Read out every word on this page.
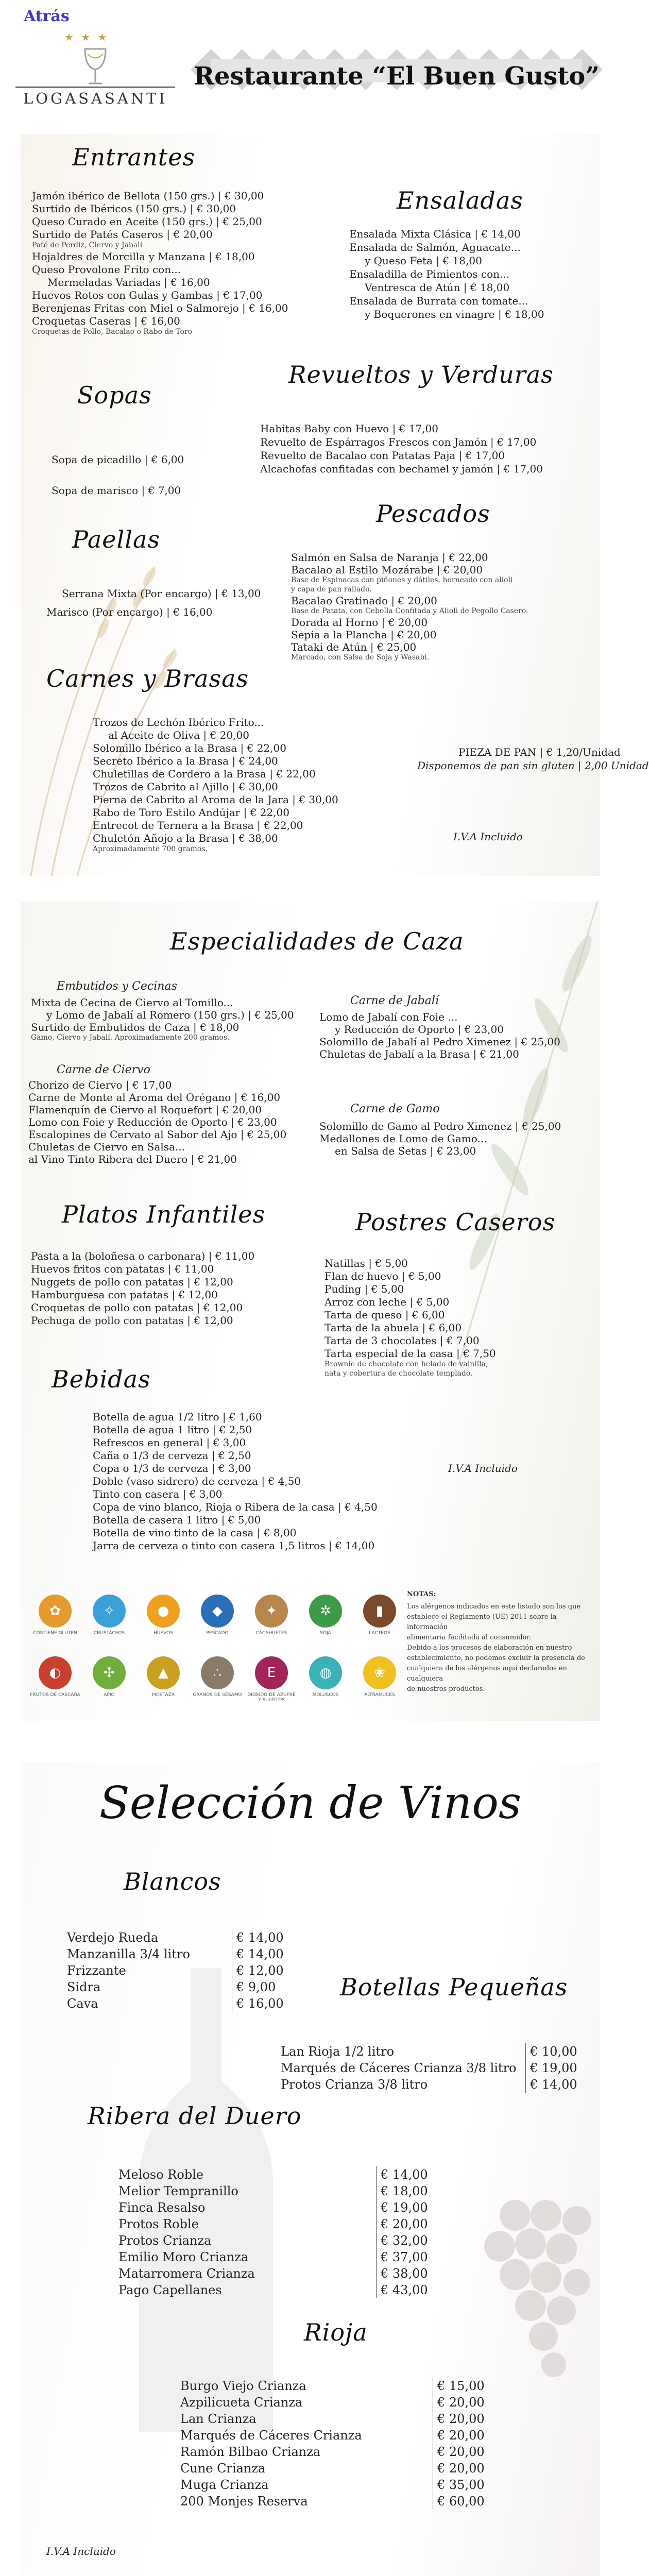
Atrás
★ ★ ★
LOGASASANTI
Restaurante “El Buen Gusto”
Entrantes
Jamón ibérico de Bellota (150 grs.) | € 30,00
Surtido de Ibéricos (150 grs.) | € 30,00
Queso Curado en Aceite (150 grs.) | € 25,00
Surtido de Patés Caseros | € 20,00
Paté de Perdiz, Ciervo y Jabalí
Hojaldres de Morcilla y Manzana | € 18,00
Queso Provolone Frito con...
Mermeladas Variadas | € 16,00
Huevos Rotos con Gulas y Gambas | € 17,00
Berenjenas Fritas con Miel o Salmorejo | € 16,00
Croquetas Caseras | € 16,00
Croquetas de Pollo, Bacalao o Rabo de Toro
Ensaladas
Ensalada Mixta Clásica | € 14,00
Ensalada de Salmón, Aguacate...
y Queso Feta | € 18,00
Ensaladilla de Pimientos con...
Ventresca de Atún | € 18,00
Ensalada de Burrata con tomate...
y Boquerones en vinagre | € 18,00
Sopas
Sopa de picadillo | € 6,00
Sopa de marisco | € 7,00
Revueltos y Verduras
Habitas Baby con Huevo | € 17,00
Revuelto de Espárragos Frescos con Jamón | € 17,00
Revuelto de Bacalao con Patatas Paja | € 17,00
Alcachofas confitadas con bechamel y jamón | € 17,00
Paellas
Serrana Mixta (Por encargo) | € 13,00
Marisco (Por encargo) | € 16,00
Pescados
Salmón en Salsa de Naranja | € 22,00
Bacalao al Estilo Mozárabe | € 20,00
Base de Espinacas con piñones y dátiles, horneado con alioli
y capa de pan rallado.
Bacalao Gratinado | € 20,00
Base de Patata, con Cebolla Confitada y Alioli de Pegollo Casero.
Dorada al Horno | € 20,00
Sepia a la Plancha | € 20,00
Tataki de Atún | € 25,00
Marcado, con Salsa de Soja y Wasabi.
Carnes y Brasas
Trozos de Lechón Ibérico Frito...
al Aceite de Oliva | € 20,00
Solomillo Ibérico a la Brasa | € 22,00
Secreto Ibérico a la Brasa | € 24,00
Chuletillas de Cordero a la Brasa | € 22,00
Trozos de Cabrito al Ajillo | € 30,00
Pierna de Cabrito al Aroma de la Jara | € 30,00
Rabo de Toro Estilo Andújar | € 22,00
Entrecot de Ternera a la Brasa | € 22,00
Chuletón Añojo a la Brasa | € 38,00
Aproximadamente 700 gramos.
PIEZA DE PAN | € 1,20/Unidad
Disponemos de pan sin gluten | 2,00 Unidad
I.V.A Incluido
Especialidades de Caza
Embutidos y Cecinas
Mixta de Cecina de Ciervo al Tomillo...
y Lomo de Jabalí al Romero (150 grs.) | € 25,00
Surtido de Embutidos de Caza | € 18,00
Gamo, Ciervo y Jabalí. Aproximadamente 200 gramos.
Carne de Jabalí
Lomo de Jabalí con Foie ...
y Reducción de Oporto | € 23,00
Solomillo de Jabalí al Pedro Ximenez | € 25,00
Chuletas de Jabalí a la Brasa | € 21,00
Carne de Ciervo
Chorizo de Ciervo | € 17,00
Carne de Monte al Aroma del Orégano | € 16,00
Flamenquín de Ciervo al Roquefort | € 20,00
Lomo con Foie y Reducción de Oporto | € 23,00
Escalopines de Cervato al Sabor del Ajo | € 25,00
Chuletas de Ciervo en Salsa...
al Vino Tinto Ribera del Duero | € 21,00
Carne de Gamo
Solomillo de Gamo al Pedro Ximenez | € 25,00
Medallones de Lomo de Gamo...
en Salsa de Setas | € 23,00
Platos Infantiles
Pasta a la (boloñesa o carbonara) | € 11,00
Huevos fritos con patatas | € 11,00
Nuggets de pollo con patatas | € 12,00
Hamburguesa con patatas | € 12,00
Croquetas de pollo con patatas | € 12,00
Pechuga de pollo con patatas | € 12,00
Postres Caseros
Natillas | € 5,00
Flan de huevo | € 5,00
Puding | € 5,00
Arroz con leche | € 5,00
Tarta de queso | € 6,00
Tarta de la abuela | € 6,00
Tarta de 3 chocolates | € 7,00
Tarta especial de la casa | € 7,50
Brownie de chocolate con helado de vainilla,
nata y cobertura de chocolate templado.
Bebidas
Botella de agua 1/2 litro | € 1,60
Botella de agua 1 litro | € 2,50
Refrescos en general | € 3,00
Caña o 1/3 de cerveza | € 2,50
Copa o 1/3 de cerveza | € 3,00
Doble (vaso sidrero) de cerveza | € 4,50
Tinto con casera | € 3,00
Copa de vino blanco, Rioja o Ribera de la casa | € 4,50
Botella de casera 1 litro | € 5,00
Botella de vino tinto de la casa | € 8,00
Jarra de cerveza o tinto con casera 1,5 litros | € 14,00
I.V.A Incluido
✿
CONTIENE GLUTEN
✧
CRUSTÁCEOS
●
HUEVOS
◆
PESCADO
✦
CACAHUETES
✲
SOJA
▮
LÁCTEOS
◐
FRUTOS DE CÁSCARA
✣
APIO
▲
MOSTAZA
∴
GRANOS DE SÉSAMO
E
DIÓXIDO DE AZUFRE Y SULFITOS
◍
MOLUSCOS
❀
ALTRAMUCES
NOTAS:
Los alérgenos indicados en este listado son los que
establece el Reglamento (UE) 2011 sobre la información
alimentaria facilitada al consumidor.
Debido a los procesos de elaboración en nuestro
establecimiento, no podemos excluir la presencia de
cualquiera de los alérgenos aquí declarados en cualquiera
de nuestros productos.
Selección de Vinos
Blancos
Verdejo Rueda	€ 14,00
Manzanilla 3/4 litro	€ 14,00
Frizzante	€ 12,00
Sidra	€ 9,00
Cava	€ 16,00
Botellas Pequeñas
Lan Rioja 1/2 litro	€ 10,00
Marqués de Cáceres Crianza 3/8 litro	€ 19,00
Protos Crianza 3/8 litro	€ 14,00
Ribera del Duero
Meloso Roble	€ 14,00
Melior Tempranillo	€ 18,00
Finca Resalso	€ 19,00
Protos Roble	€ 20,00
Protos Crianza	€ 32,00
Emilio Moro Crianza	€ 37,00
Matarromera Crianza	€ 38,00
Pago Capellanes	€ 43,00
Rioja
Burgo Viejo Crianza	€ 15,00
Azpilicueta Crianza	€ 20,00
Lan Crianza	€ 20,00
Marqués de Cáceres Crianza	€ 20,00
Ramón Bilbao Crianza	€ 20,00
Cune Crianza	€ 20,00
Muga Crianza	€ 35,00
200 Monjes Reserva	€ 60,00
I.V.A Incluido
